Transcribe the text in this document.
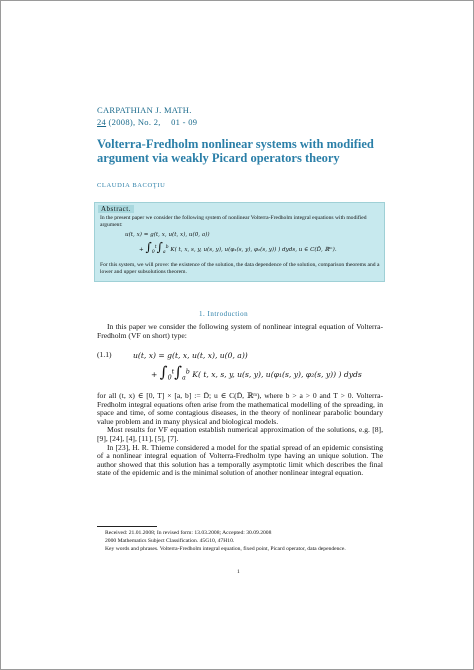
CARPATHIAN J. MATH.
24 (2008), No. 2, 01 - 09
Volterra-Fredholm nonlinear systems with modified
argument via weakly Picard operators theory
CLAUDIA BACOŢIU
Abstract.
In the present paper we consider the following system of nonlinear Volterra-Fredholm integral equations with modified argument:
u(t, x) = g(t, x, u(t, x), u(0, a))
+ $\int_0^t\int_a^b$ K( t, x, s, y, u(s, y), u(φ₁(s, y), φ₂(s, y)) ) dyds, u ∈ C(D̄, ℝᵐ).
For this system, we will prove: the existence of the solution, the data dependence of the solution, comparison theorems and a lower and upper subsolutions theorem.
1. Introduction

In this paper we consider the following system of nonlinear integral equation of Volterra-Fredholm (VF on short) type:

(1.1)	u(t, x) = g(t, x, u(t, x), u(0, a))
+ $\int_0^t\int_a^b$ K( t, x, s, y, u(s, y), u(φ₁(s, y), φ₂(s, y)) ) dyds

for all (t, x) ∈ [0, T] × [a, b] := D̄; u ∈ C(D̄, ℝᵐ), where b > a > 0 and T > 0. Volterra-Fredholm integral equations often arise from the mathematical modelling of the spreading, in space and time, of some contagious diseases, in the theory of nonlinear parabolic boundary value problem and in many physical and biological models.

Most results for VF equation establish numerical approximation of the solutions, e.g. [8], [9], [24], [4], [11], [5], [7].

In [23], H. R. Thieme considered a model for the spatial spread of an epidemic consisting of a nonlinear integral equation of Volterra-Fredholm type having an unique solution. The author showed that this solution has a temporally asymptotic limit which describes the final state of the epidemic and is the minimal solution of another nonlinear integral equation.

Received: 21.01.2008; In revised form: 13.03.2008; Accepted: 30.09.2008
2000 Mathematics Subject Classification. 45G10, 47H10.
Key words and phrases. Volterra-Fredholm integral equation, fixed point, Picard operator, data dependence.
1
